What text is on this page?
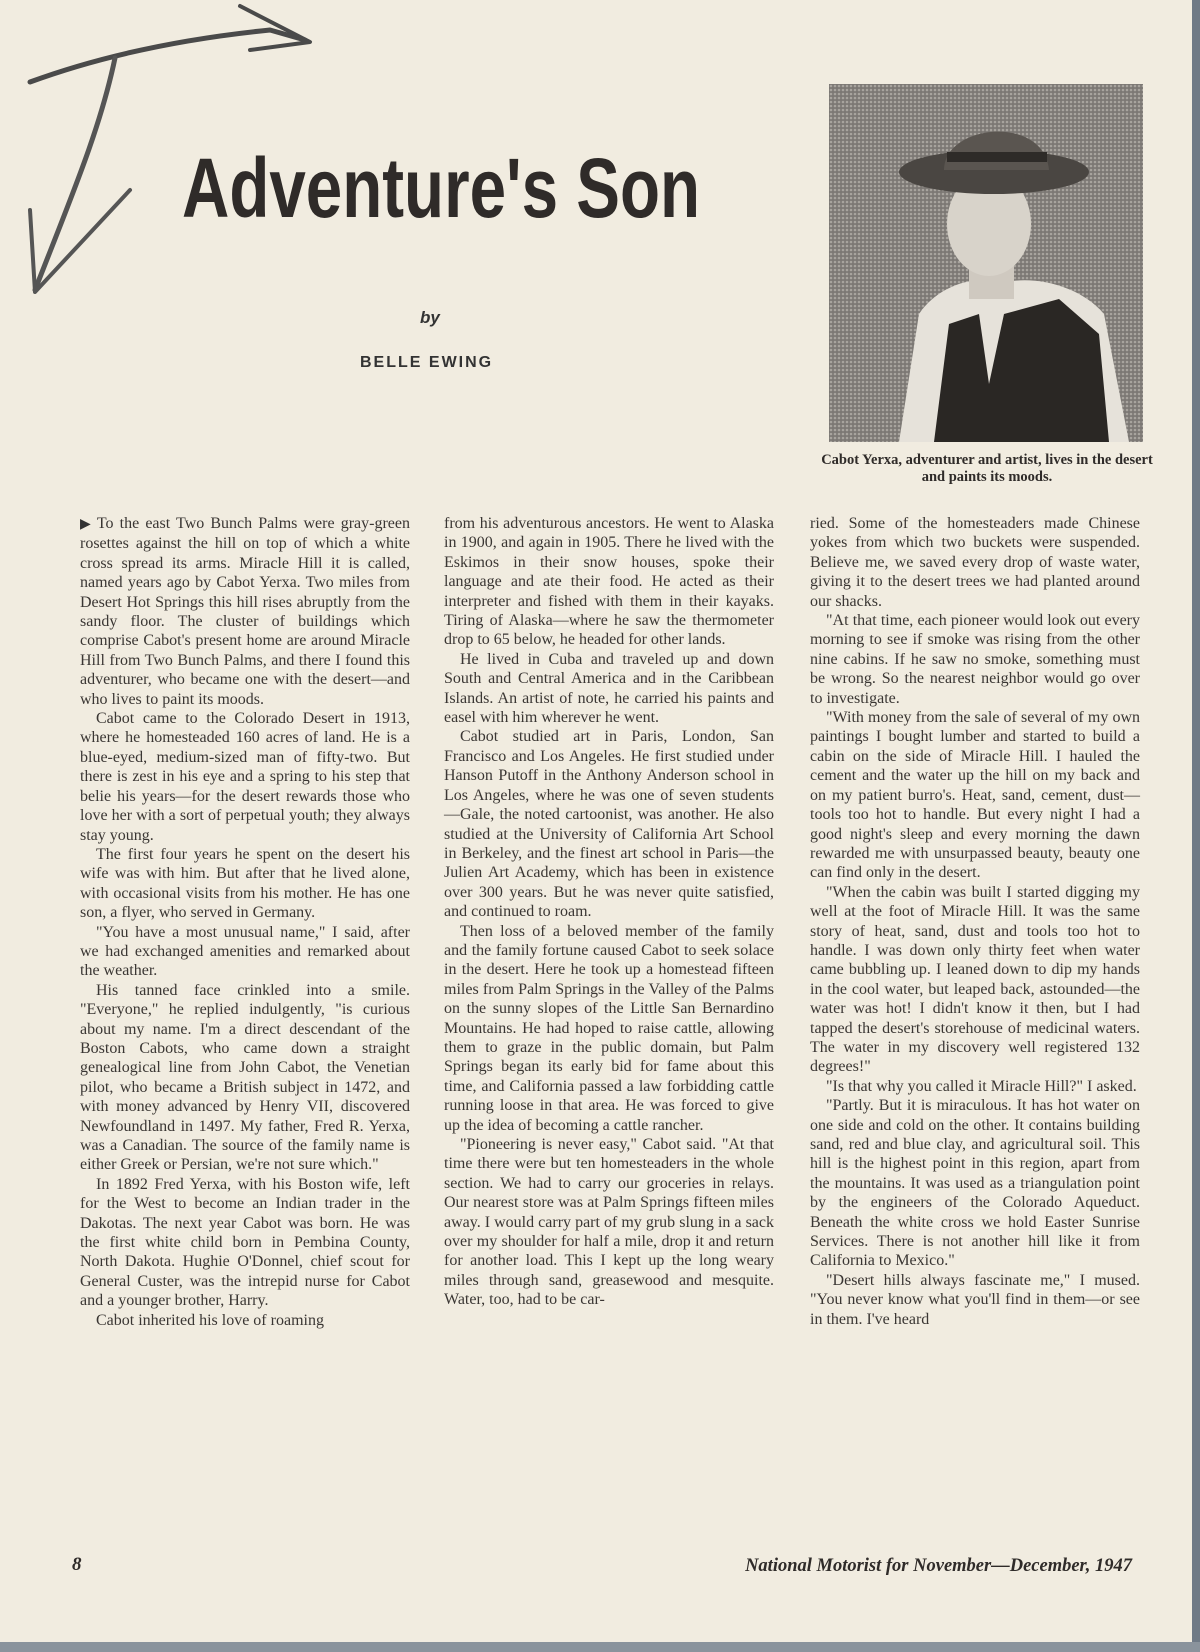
Adventure's Son
by
BELLE EWING
Cabot Yerxa, adventurer and artist, lives in the desert and paints its moods.

▶ To the east Two Bunch Palms were gray-green rosettes against the hill on top of which a white cross spread its arms. Miracle Hill it is called, named years ago by Cabot Yerxa. Two miles from Desert Hot Springs this hill rises abruptly from the sandy floor. The cluster of buildings which comprise Cabot's present home are around Miracle Hill from Two Bunch Palms, and there I found this adventurer, who became one with the desert—and who lives to paint its moods.

Cabot came to the Colorado Desert in 1913, where he homesteaded 160 acres of land. He is a blue-eyed, medium-sized man of fifty-two. But there is zest in his eye and a spring to his step that belie his years—for the desert rewards those who love her with a sort of perpetual youth; they always stay young.

The first four years he spent on the desert his wife was with him. But after that he lived alone, with occasional visits from his mother. He has one son, a flyer, who served in Germany.

"You have a most unusual name," I said, after we had exchanged amenities and remarked about the weather.

His tanned face crinkled into a smile. "Everyone," he replied indulgently, "is curious about my name. I'm a direct descendant of the Boston Cabots, who came down a straight genealogical line from John Cabot, the Venetian pilot, who became a British subject in 1472, and with money advanced by Henry VII, discovered Newfoundland in 1497. My father, Fred R. Yerxa, was a Canadian. The source of the family name is either Greek or Persian, we're not sure which."

In 1892 Fred Yerxa, with his Boston wife, left for the West to become an Indian trader in the Dakotas. The next year Cabot was born. He was the first white child born in Pembina County, North Dakota. Hughie O'Donnel, chief scout for General Custer, was the intrepid nurse for Cabot and a younger brother, Harry.

Cabot inherited his love of roaming

from his adventurous ancestors. He went to Alaska in 1900, and again in 1905. There he lived with the Eskimos in their snow houses, spoke their language and ate their food. He acted as their interpreter and fished with them in their kayaks. Tiring of Alaska—where he saw the thermometer drop to 65 below, he headed for other lands.

He lived in Cuba and traveled up and down South and Central America and in the Caribbean Islands. An artist of note, he carried his paints and easel with him wherever he went.

Cabot studied art in Paris, London, San Francisco and Los Angeles. He first studied under Hanson Putoff in the Anthony Anderson school in Los Angeles, where he was one of seven students—Gale, the noted cartoonist, was another. He also studied at the University of California Art School in Berkeley, and the finest art school in Paris—the Julien Art Academy, which has been in existence over 300 years. But he was never quite satisfied, and continued to roam.

Then loss of a beloved member of the family and the family fortune caused Cabot to seek solace in the desert. Here he took up a homestead fifteen miles from Palm Springs in the Valley of the Palms on the sunny slopes of the Little San Bernardino Mountains. He had hoped to raise cattle, allowing them to graze in the public domain, but Palm Springs began its early bid for fame about this time, and California passed a law forbidding cattle running loose in that area. He was forced to give up the idea of becoming a cattle rancher.

"Pioneering is never easy," Cabot said. "At that time there were but ten homesteaders in the whole section. We had to carry our groceries in relays. Our nearest store was at Palm Springs fifteen miles away. I would carry part of my grub slung in a sack over my shoulder for half a mile, drop it and return for another load. This I kept up the long weary miles through sand, greasewood and mesquite. Water, too, had to be car-

ried. Some of the homesteaders made Chinese yokes from which two buckets were suspended. Believe me, we saved every drop of waste water, giving it to the desert trees we had planted around our shacks.

"At that time, each pioneer would look out every morning to see if smoke was rising from the other nine cabins. If he saw no smoke, something must be wrong. So the nearest neighbor would go over to investigate.

"With money from the sale of several of my own paintings I bought lumber and started to build a cabin on the side of Miracle Hill. I hauled the cement and the water up the hill on my back and on my patient burro's. Heat, sand, cement, dust—tools too hot to handle. But every night I had a good night's sleep and every morning the dawn rewarded me with unsurpassed beauty, beauty one can find only in the desert.

"When the cabin was built I started digging my well at the foot of Miracle Hill. It was the same story of heat, sand, dust and tools too hot to handle. I was down only thirty feet when water came bubbling up. I leaned down to dip my hands in the cool water, but leaped back, astounded—the water was hot! I didn't know it then, but I had tapped the desert's storehouse of medicinal waters. The water in my discovery well registered 132 degrees!"

"Is that why you called it Miracle Hill?" I asked.

"Partly. But it is miraculous. It has hot water on one side and cold on the other. It contains building sand, red and blue clay, and agricultural soil. This hill is the highest point in this region, apart from the mountains. It was used as a triangulation point by the engineers of the Colorado Aqueduct. Beneath the white cross we hold Easter Sunrise Services. There is not another hill like it from California to Mexico."

"Desert hills always fascinate me," I mused. "You never know what you'll find in them—or see in them. I've heard

8	National Motorist for November—December, 1947
